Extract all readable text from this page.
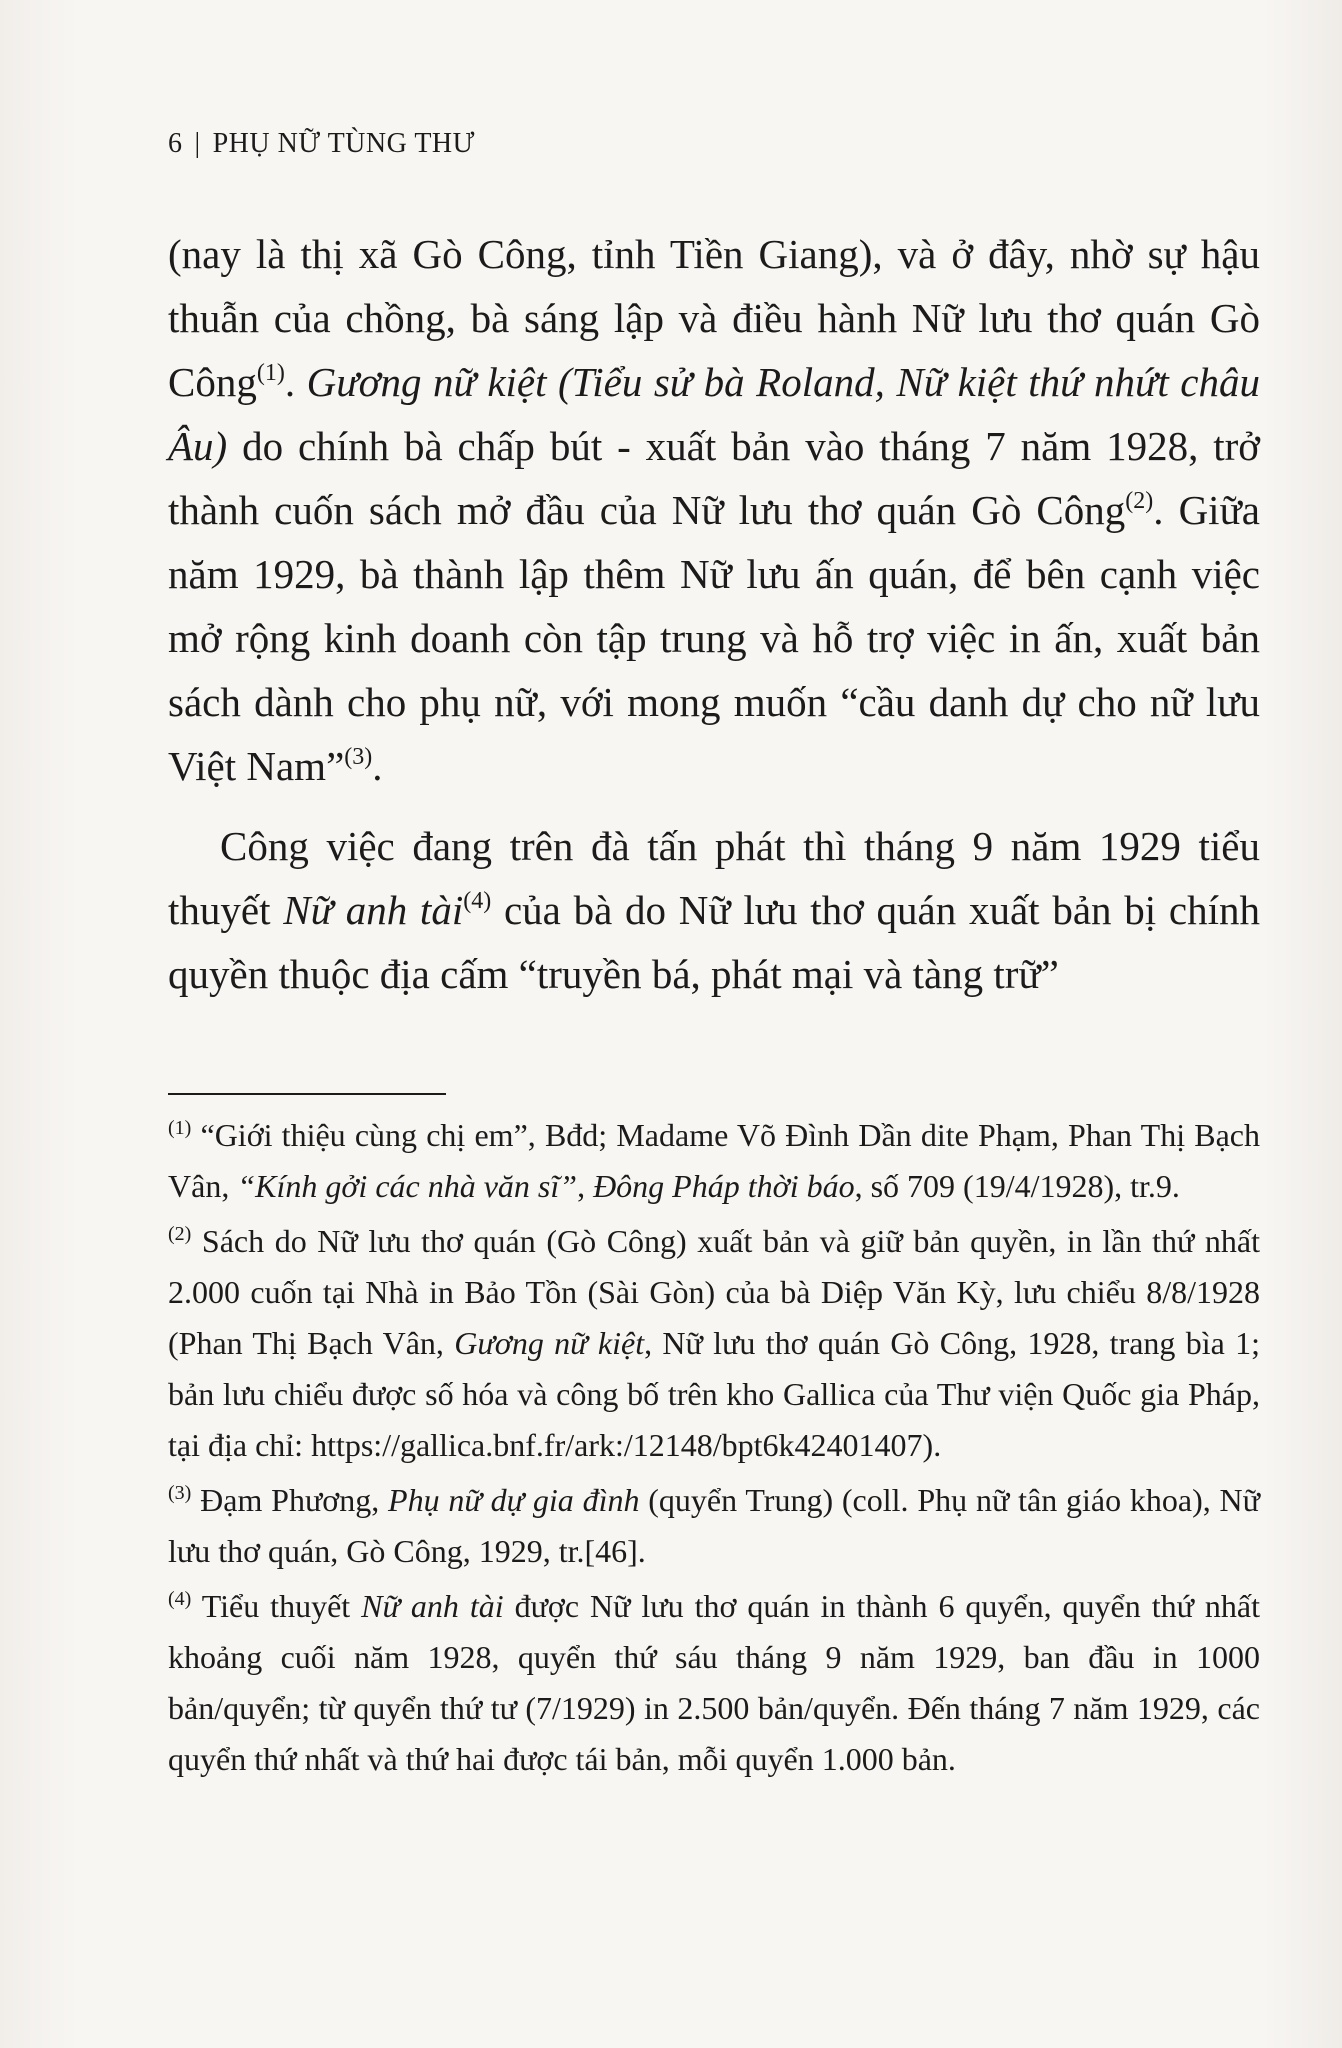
6 | PHỤ NỮ TÙNG THƯ

(nay là thị xã Gò Công, tỉnh Tiền Giang), và ở đây, nhờ sự hậu thuẫn của chồng, bà sáng lập và điều hành Nữ lưu thơ quán Gò Công$^{(1)}$. Gương nữ kiệt (Tiểu sử bà Roland, Nữ kiệt thứ nhứt châu Âu) do chính bà chấp bút - xuất bản vào tháng 7 năm 1928, trở thành cuốn sách mở đầu của Nữ lưu thơ quán Gò Công$^{(2)}$. Giữa năm 1929, bà thành lập thêm Nữ lưu ấn quán, để bên cạnh việc mở rộng kinh doanh còn tập trung và hỗ trợ việc in ấn, xuất bản sách dành cho phụ nữ, với mong muốn “cầu danh dự cho nữ lưu Việt Nam”$^{(3)}$.

Công việc đang trên đà tấn phát thì tháng 9 năm 1929 tiểu thuyết Nữ anh tài$^{(4)}$ của bà do Nữ lưu thơ quán xuất bản bị chính quyền thuộc địa cấm “truyền bá, phát mại và tàng trữ”

$^{(1)}$ “Giới thiệu cùng chị em”, Bđd; Madame Võ Đình Dần dite Phạm, Phan Thị Bạch Vân, “Kính gởi các nhà văn sĩ”, Đông Pháp thời báo, số 709 (19/4/1928), tr.9.

$^{(2)}$ Sách do Nữ lưu thơ quán (Gò Công) xuất bản và giữ bản quyền, in lần thứ nhất 2.000 cuốn tại Nhà in Bảo Tồn (Sài Gòn) của bà Diệp Văn Kỳ, lưu chiểu 8/8/1928 (Phan Thị Bạch Vân, Gương nữ kiệt, Nữ lưu thơ quán Gò Công, 1928, trang bìa 1; bản lưu chiểu được số hóa và công bố trên kho Gallica của Thư viện Quốc gia Pháp, tại địa chỉ: https://gallica.bnf.fr/ark:/12148/bpt6k42401407).

$^{(3)}$ Đạm Phương, Phụ nữ dự gia đình (quyển Trung) (coll. Phụ nữ tân giáo khoa), Nữ lưu thơ quán, Gò Công, 1929, tr.[46].

$^{(4)}$ Tiểu thuyết Nữ anh tài được Nữ lưu thơ quán in thành 6 quyển, quyển thứ nhất khoảng cuối năm 1928, quyển thứ sáu tháng 9 năm 1929, ban đầu in 1000 bản/quyển; từ quyển thứ tư (7/1929) in 2.500 bản/quyển. Đến tháng 7 năm 1929, các quyển thứ nhất và thứ hai được tái bản, mỗi quyển 1.000 bản.
